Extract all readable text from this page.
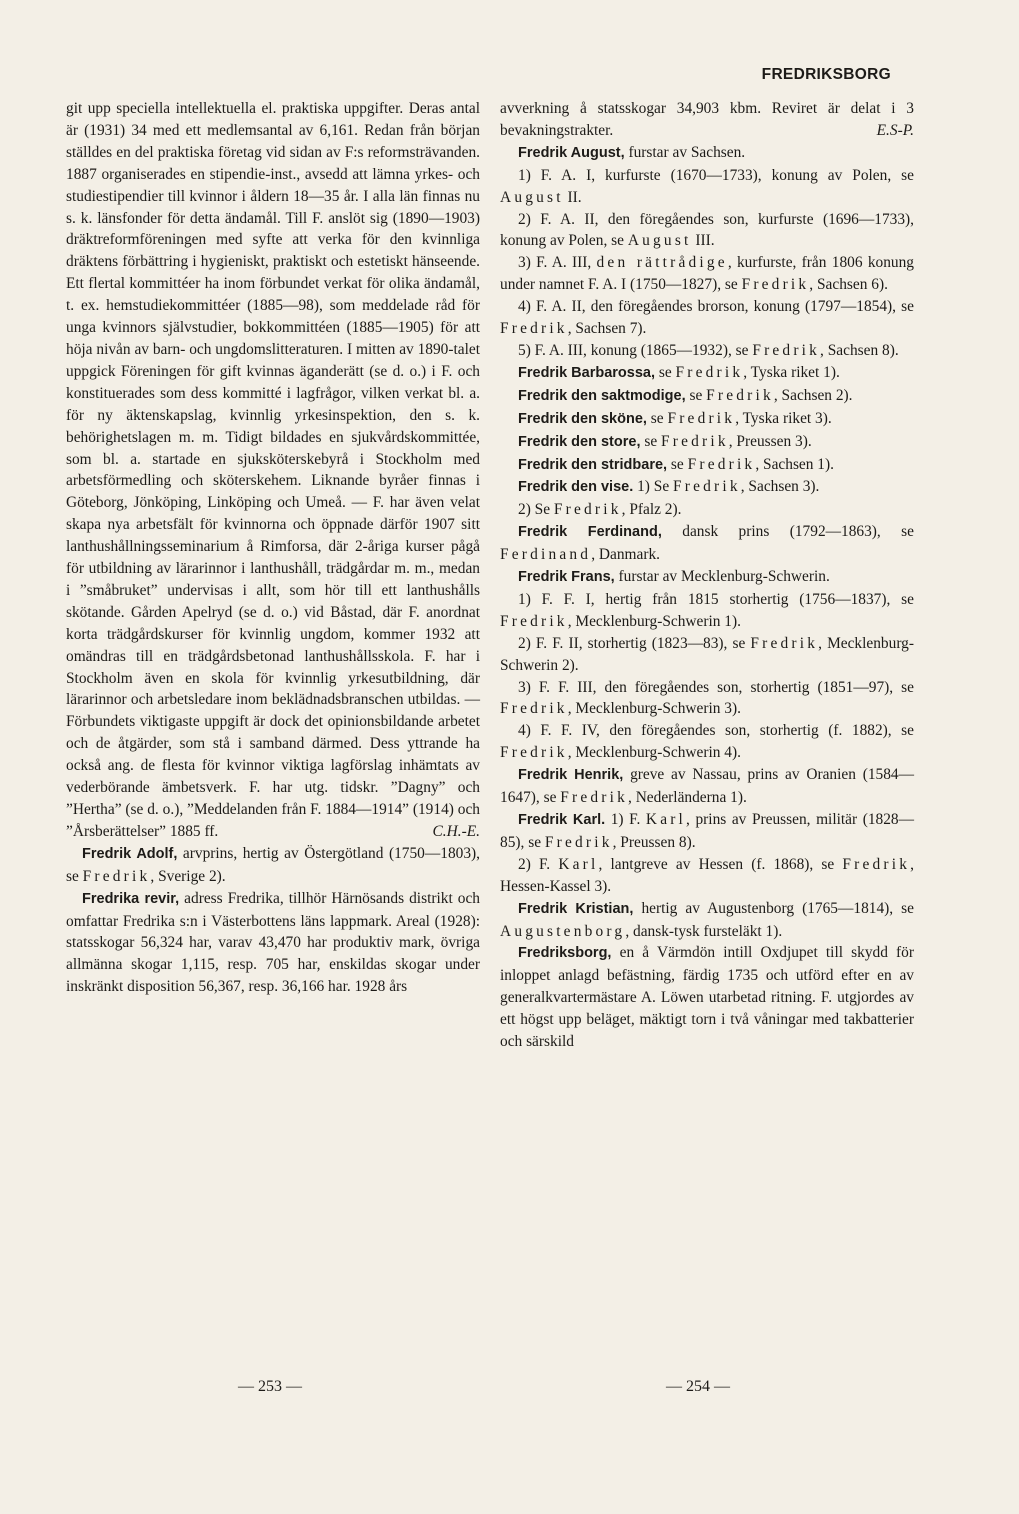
FREDRIKSBORG

git upp speciella intellektuella el. praktiska uppgifter. Deras antal är (1931) 34 med ett medlemsantal av 6,161. Redan från början ställdes en del praktiska företag vid sidan av F:s reformsträvanden. 1887 organiserades en stipendie-inst., avsedd att lämna yrkes- och studiestipendier till kvinnor i åldern 18—35 år. I alla län finnas nu s. k. länsfonder för detta ändamål. Till F. anslöt sig (1890—1903) dräktreformföreningen med syfte att verka för den kvinnliga dräktens förbättring i hygieniskt, praktiskt och estetiskt hänseende. Ett flertal kommittéer ha inom förbundet verkat för olika ändamål, t. ex. hemstudiekommittéer (1885—98), som meddelade råd för unga kvinnors självstudier, bokkommittéen (1885—1905) för att höja nivån av barn- och ungdomslitteraturen. I mitten av 1890-talet uppgick Föreningen för gift kvinnas äganderätt (se d. o.) i F. och konstituerades som dess kommitté i lagfrågor, vilken verkat bl. a. för ny äktenskapslag, kvinnlig yrkesinspektion, den s. k. behörighetslagen m. m. Tidigt bildades en sjukvårdskommittée, som bl. a. startade en sjuksköterskebyrå i Stockholm med arbetsförmedling och sköterskehem. Liknande byråer finnas i Göteborg, Jönköping, Linköping och Umeå. — F. har även velat skapa nya arbetsfält för kvinnorna och öppnade därför 1907 sitt lanthushållningsseminarium å Rimforsa, där 2-åriga kurser pågå för utbildning av lärarinnor i lanthushåll, trädgårdar m. m., medan i ”småbruket” undervisas i allt, som hör till ett lanthushålls skötande. Gården Apelryd (se d. o.) vid Båstad, där F. anordnat korta trädgårdskurser för kvinnlig ungdom, kommer 1932 att omändras till en trädgårdsbetonad lanthushållsskola. F. har i Stockholm även en skola för kvinnlig yrkesutbildning, där lärarinnor och arbetsledare inom beklädnadsbranschen utbildas. — Förbundets viktigaste uppgift är dock det opinionsbildande arbetet och de åtgärder, som stå i samband därmed. Dess yttrande ha också ang. de flesta för kvinnor viktiga lagförslag inhämtats av vederbörande ämbetsverk. F. har utg. tidskr. ”Dagny” och ”Hertha” (se d. o.), ”Meddelanden från F. 1884—1914” (1914) och ”Årsberättelser” 1885 ff.	C.H.-E.

Fredrik Adolf, arvprins, hertig av Östergötland (1750—1803), se Fredrik, Sverige 2).

Fredrika revir, adress Fredrika, tillhör Härnösands distrikt och omfattar Fredrika s:n i Västerbottens läns lappmark. Areal (1928): statsskogar 56,324 har, varav 43,470 har produktiv mark, övriga allmänna skogar 1,115, resp. 705 har, enskildas skogar under inskränkt disposition 56,367, resp. 36,166 har. 1928 års

avverkning å statsskogar 34,903 kbm. Reviret är delat i 3 bevakningstrakter.	E.S-P.

Fredrik August, furstar av Sachsen.

1) F. A. I, kurfurste (1670—1733), konung av Polen, se August II.

2) F. A. II, den föregåendes son, kurfurste (1696—1733), konung av Polen, se August III.

3) F. A. III, den rättrådige, kurfurste, från 1806 konung under namnet F. A. I (1750—1827), se Fredrik, Sachsen 6).

4) F. A. II, den föregåendes brorson, konung (1797—1854), se Fredrik, Sachsen 7).

5) F. A. III, konung (1865—1932), se Fredrik, Sachsen 8).

Fredrik Barbarossa, se Fredrik, Tyska riket 1).

Fredrik den saktmodige, se Fredrik, Sachsen 2).

Fredrik den sköne, se Fredrik, Tyska riket 3).

Fredrik den store, se Fredrik, Preussen 3).

Fredrik den stridbare, se Fredrik, Sachsen 1).

Fredrik den vise. 1) Se Fredrik, Sachsen 3).

2) Se Fredrik, Pfalz 2).

Fredrik Ferdinand, dansk prins (1792—1863), se Ferdinand, Danmark.

Fredrik Frans, furstar av Mecklenburg-Schwerin.

1) F. F. I, hertig från 1815 storhertig (1756—1837), se Fredrik, Mecklenburg-Schwerin 1).

2) F. F. II, storhertig (1823—83), se Fredrik, Mecklenburg-Schwerin 2).

3) F. F. III, den föregåendes son, storhertig (1851—97), se Fredrik, Mecklenburg-Schwerin 3).

4) F. F. IV, den föregåendes son, storhertig (f. 1882), se Fredrik, Mecklenburg-Schwerin 4).

Fredrik Henrik, greve av Nassau, prins av Oranien (1584—1647), se Fredrik, Nederländerna 1).

Fredrik Karl. 1) F. Karl, prins av Preussen, militär (1828—85), se Fredrik, Preussen 8).

2) F. Karl, lantgreve av Hessen (f. 1868), se Fredrik, Hessen-Kassel 3).

Fredrik Kristian, hertig av Augustenborg (1765—1814), se Augustenborg, dansk-tysk fursteläkt 1).

Fredriksborg, en å Värmdön intill Oxdjupet till skydd för inloppet anlagd befästning, färdig 1735 och utförd efter en av generalkvartermästare A. Löwen utarbetad ritning. F. utgjordes av ett högst upp beläget, mäktigt torn i två våningar med takbatterier och särskild

— 253 —	— 254 —
